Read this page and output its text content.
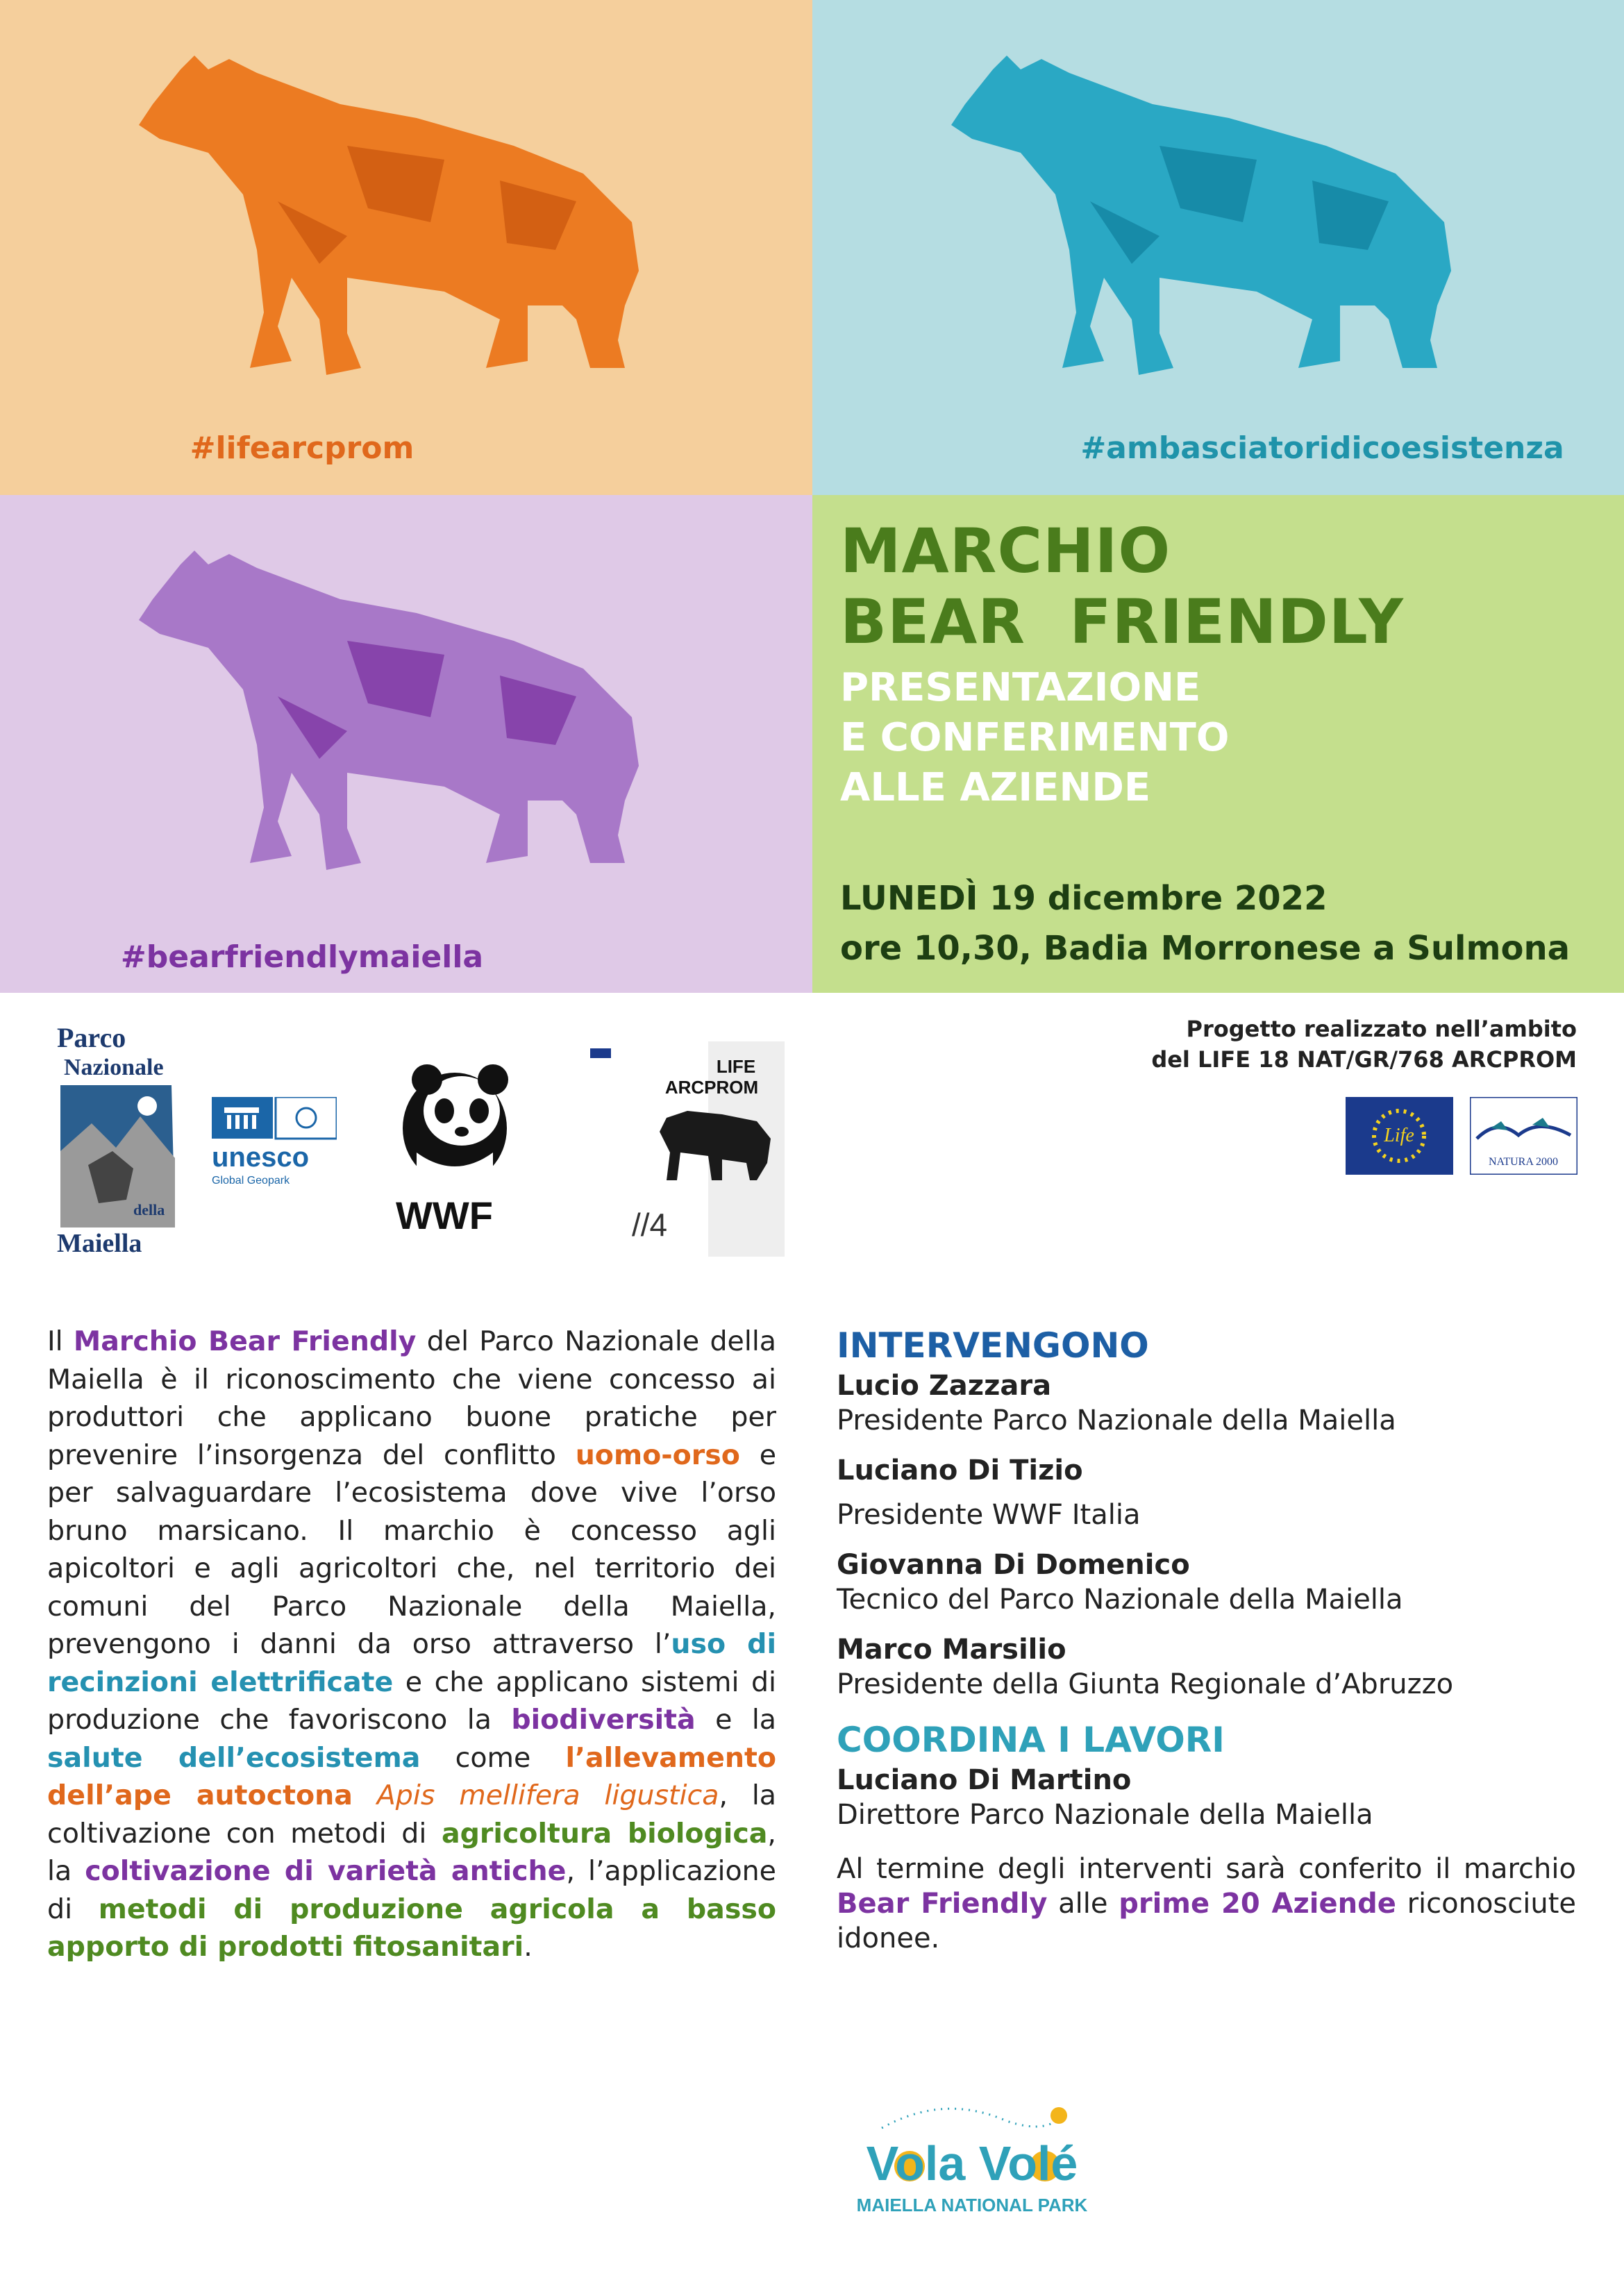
#lifearcprom	#ambasciatoridicoesistenza
#bearfriendlymaiella
MARCHIO
BEAR  FRIENDLY
PRESENTAZIONE
E CONFERIMENTO
ALLE AZIENDE
LUNEDÌ 19 dicembre 2022
ore 10,30, Badia Morronese a Sulmona
Parco
Nazionale
della
Maiella
unesco
Global Geopark
WWF
LIFE
ARCPROM
//4
Progetto realizzato nell’ambito
del LIFE 18 NAT/GR/768 ARCPROM
Life
NATURA 2000
Il Marchio Bear Friendly del Parco Nazionale della Maiella è il riconoscimento che viene concesso ai produttori che applicano buone pratiche per prevenire l’insorgenza del conflitto uomo-orso e per salvaguardare l’ecosistema dove vive l’orso bruno marsicano. Il marchio è concesso agli apicoltori e agli agricoltori che, nel territorio dei comuni del Parco Nazionale della Maiella, prevengono i danni da orso attraverso l’uso di recinzioni elettrificate e che applicano sistemi di produzione che favoriscono la biodiversità e la salute dell’ecosistema come l’allevamento dell’ape autoctona Apis mellifera ligustica, la coltivazione con metodi di agricoltura biologica, la coltivazione di varietà antiche, l’applicazione di metodi di produzione agricola a basso apporto di prodotti fitosanitari.
INTERVENGONO
Lucio Zazzara
Presidente Parco Nazionale della Maiella
Luciano Di Tizio
Presidente WWF Italia
Giovanna Di Domenico
Tecnico del Parco Nazionale della Maiella
Marco Marsilio
Presidente della Giunta Regionale d’Abruzzo
COORDINA I LAVORI
Luciano Di Martino
Direttore Parco Nazionale della Maiella
Al termine degli interventi sarà conferito il marchio Bear Friendly alle prime 20 Aziende riconosciute idonee.
Vola Volé
MAIELLA NATIONAL PARK
